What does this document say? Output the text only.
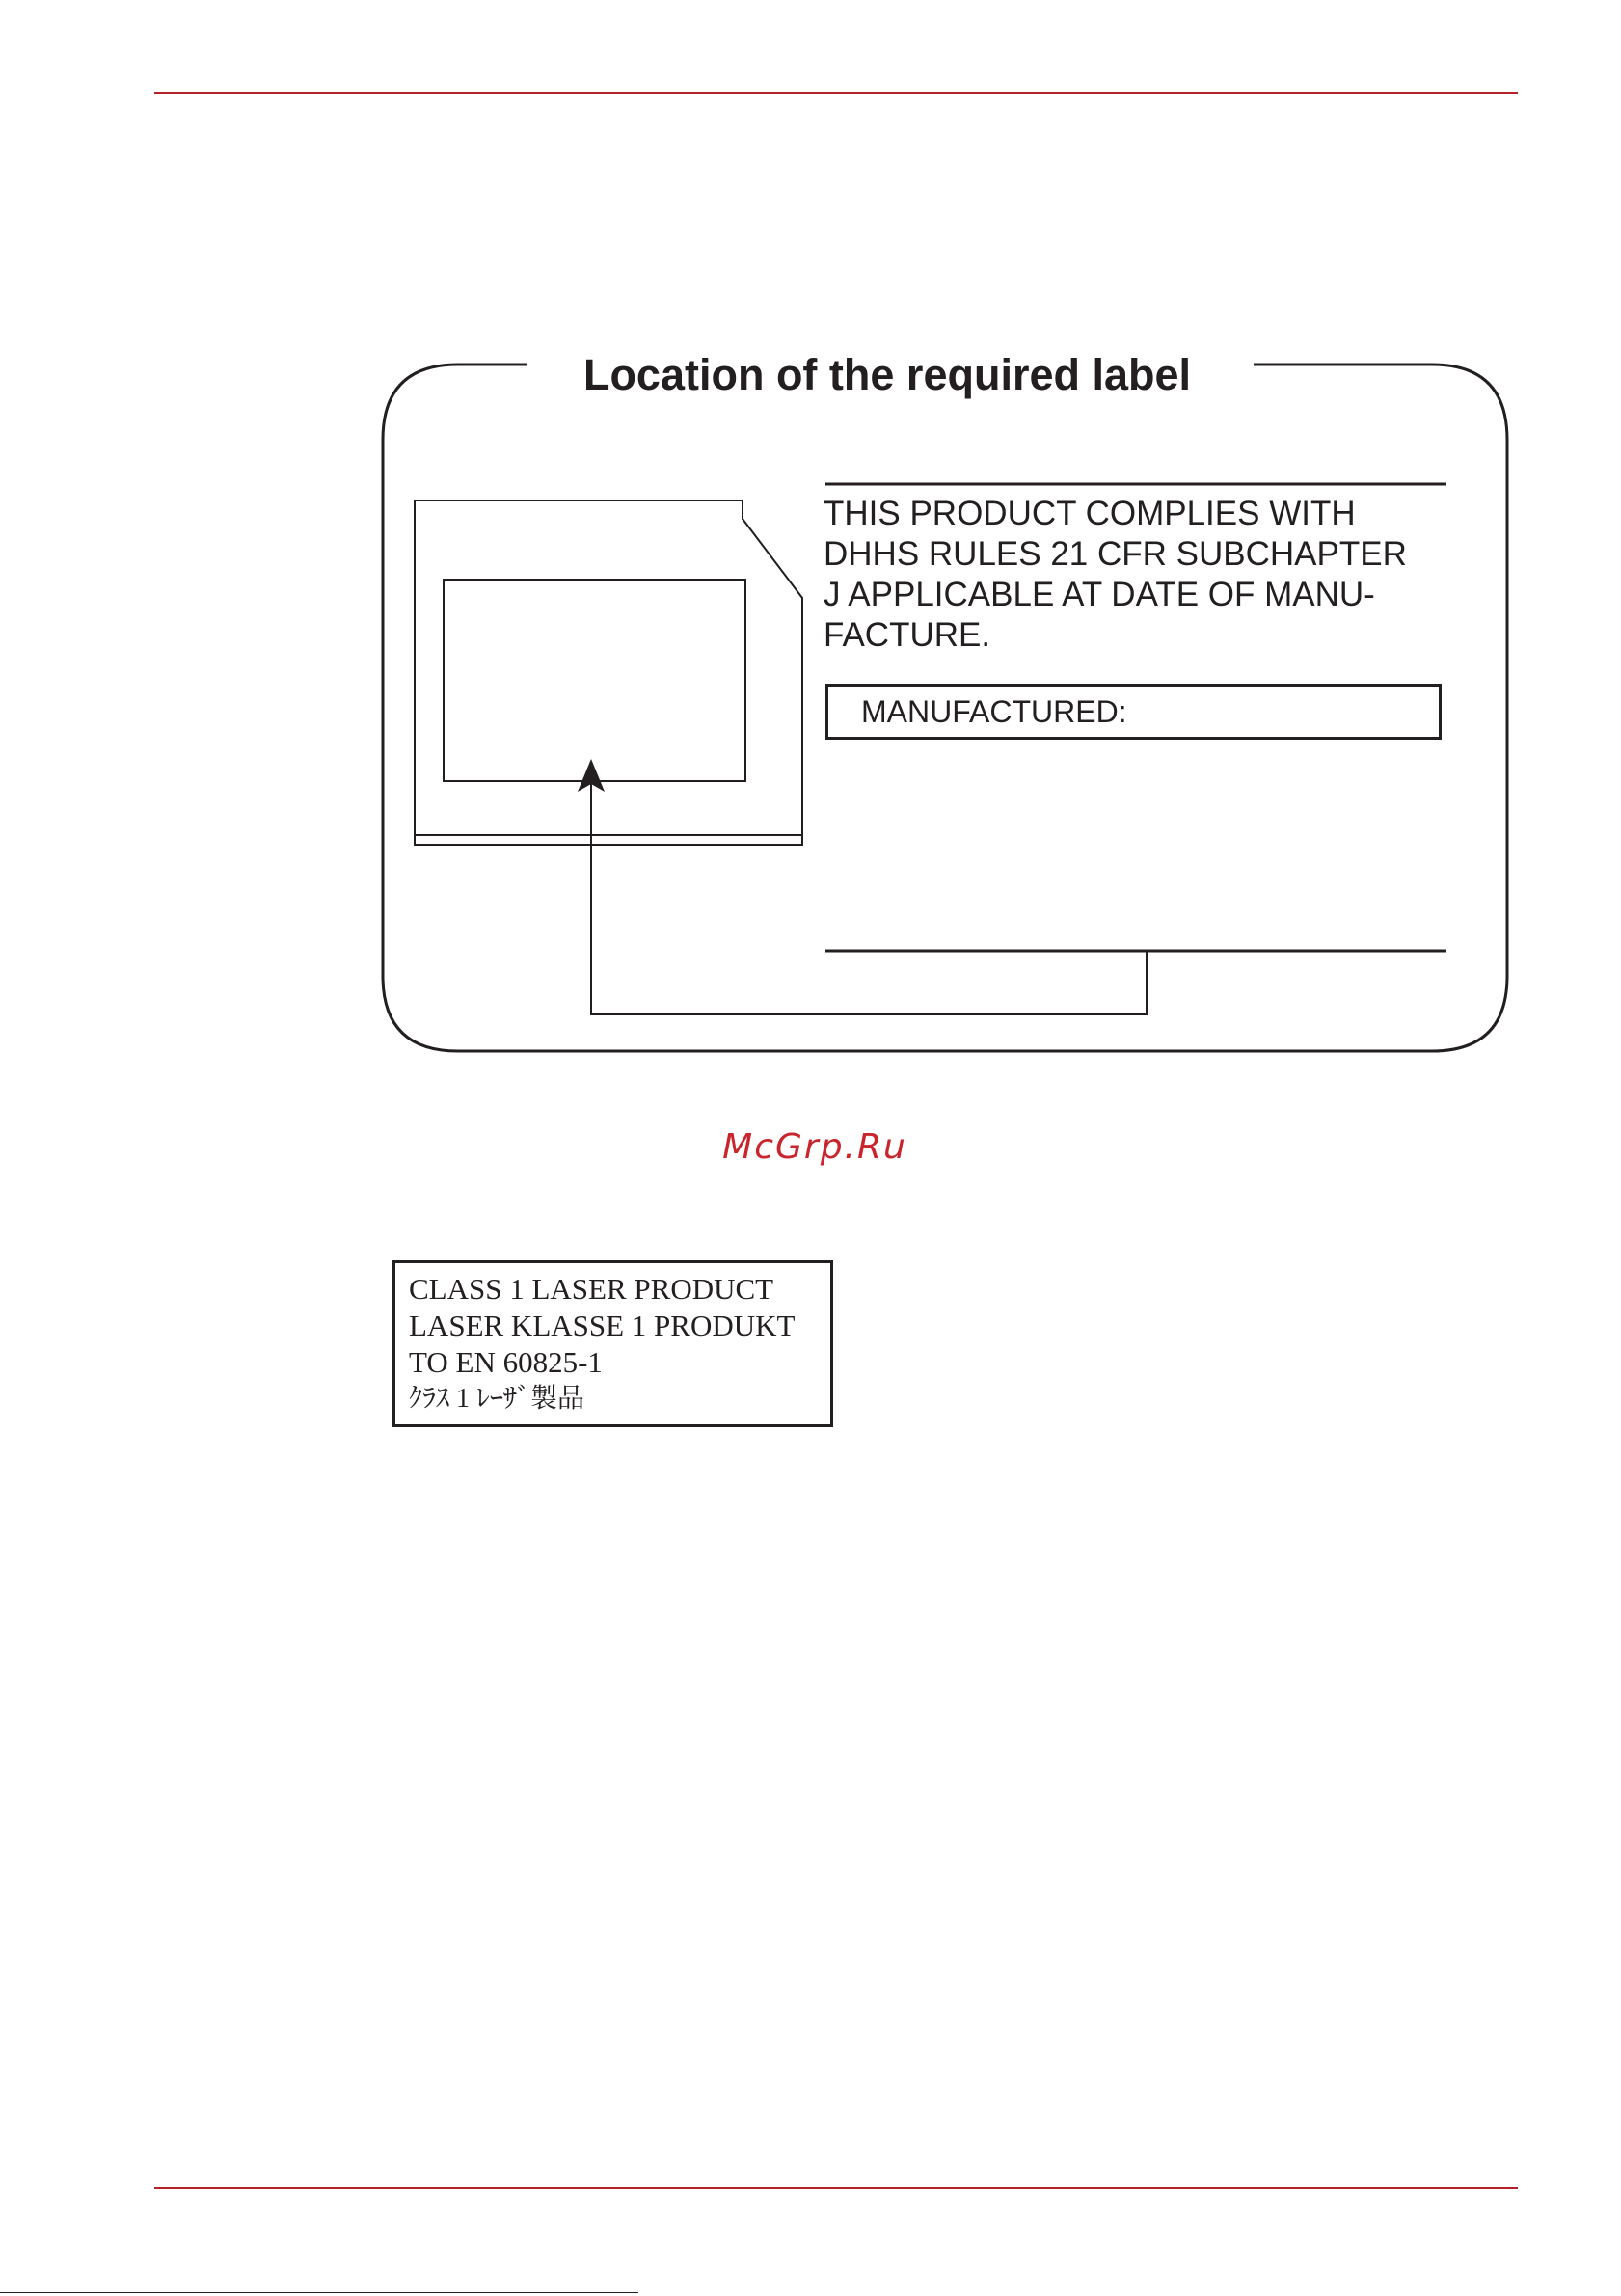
Location of the required label
THIS PRODUCT COMPLIES WITH
DHHS RULES 21 CFR SUBCHAPTER
J APPLICABLE AT DATE OF MANU-
FACTURE.
MANUFACTURED:
McGrp.Ru
CLASS 1 LASER PRODUCT
LASER KLASSE 1 PRODUKT
TO EN 60825-1
ｸﾗｽ 1 ﾚｰｻﾞ製品
